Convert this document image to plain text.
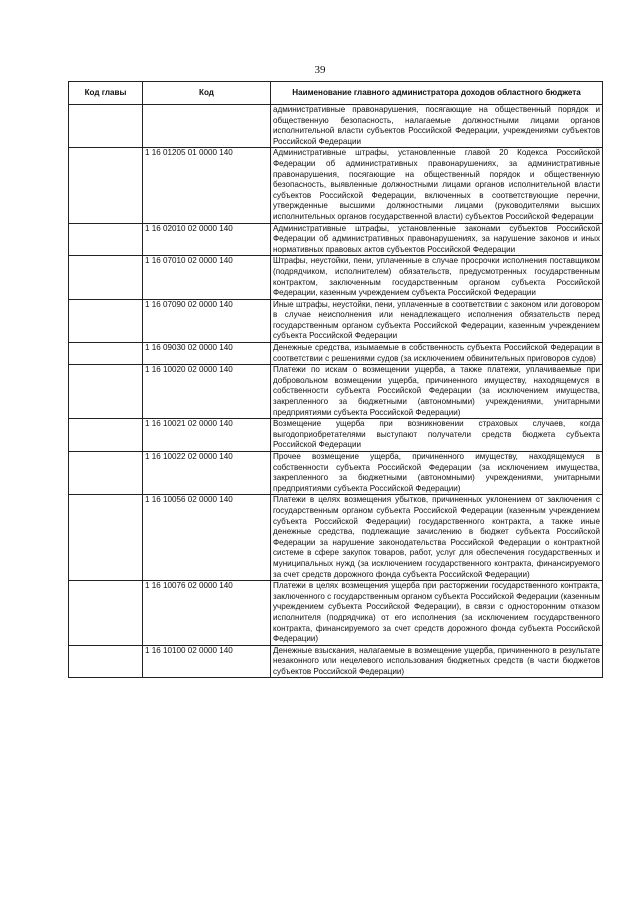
39
Код главы	Код	Наименование главного администратора доходов областного бюджета
		административные правонарушения, посягающие на общественный порядок и общественную безопасность, налагаемые должностными лицами органов исполнительной власти субъектов Российской Федерации, учреждениями субъектов Российской Федерации
	1 16 01205 01 0000 140	Административные штрафы, установленные главой 20 Кодекса Российской Федерации об административных правонарушениях, за административные правонарушения, посягающие на общественный порядок и общественную безопасность, выявленные должностными лицами органов исполнительной власти субъектов Российской Федерации, включенных в соответствующие перечни, утвержденные высшими должностными лицами (руководителями высших исполнительных органов государственной власти) субъектов Российской Федерации
	1 16 02010 02 0000 140	Административные штрафы, установленные законами субъектов Российской Федерации об административных правонарушениях, за нарушение законов и иных нормативных правовых актов субъектов Российской Федерации
	1 16 07010 02 0000 140	Штрафы, неустойки, пени, уплаченные в случае просрочки исполнения поставщиком (подрядчиком, исполнителем) обязательств, предусмотренных государственным контрактом, заключенным государственным органом субъекта Российской Федерации, казенным учреждением субъекта Российской Федерации
	1 16 07090 02 0000 140	Иные штрафы, неустойки, пени, уплаченные в соответствии с законом или договором в случае неисполнения или ненадлежащего исполнения обязательств перед государственным органом субъекта Российской Федерации, казенным учреждением субъекта Российской Федерации
	1 16 09030 02 0000 140	Денежные средства, изымаемые в собственность субъекта Российской Федерации в соответствии с решениями судов (за исключением обвинительных приговоров судов)
	1 16 10020 02 0000 140	Платежи по искам о возмещении ущерба, а также платежи, уплачиваемые при добровольном возмещении ущерба, причиненного имуществу, находящемуся в собственности субъекта Российской Федерации (за исключением имущества, закрепленного за бюджетными (автономными) учреждениями, унитарными предприятиями субъекта Российской Федерации)
	1 16 10021 02 0000 140	Возмещение ущерба при возникновении страховых случаев, когда выгодоприобретателями выступают получатели средств бюджета субъекта Российской Федерации
	1 16 10022 02 0000 140	Прочее возмещение ущерба, причиненного имуществу, находящемуся в собственности субъекта Российской Федерации (за исключением имущества, закрепленного за бюджетными (автономными) учреждениями, унитарными предприятиями субъекта Российской Федерации)
	1 16 10056 02 0000 140	Платежи в целях возмещения убытков, причиненных уклонением от заключения с государственным органом субъекта Российской Федерации (казенным учреждением субъекта Российской Федерации) государственного контракта, а также иные денежные средства, подлежащие зачислению в бюджет субъекта Российской Федерации за нарушение законодательства Российской Федерации о контрактной системе в сфере закупок товаров, работ, услуг для обеспечения государственных и муниципальных нужд (за исключением государственного контракта, финансируемого за счет средств дорожного фонда субъекта Российской Федерации)
	1 16 10076 02 0000 140	Платежи в целях возмещения ущерба при расторжении государственного контракта, заключенного с государственным органом субъекта Российской Федерации (казенным учреждением субъекта Российской Федерации), в связи с односторонним отказом исполнителя (подрядчика) от его исполнения (за исключением государственного контракта, финансируемого за счет средств дорожного фонда субъекта Российской Федерации)
	1 16 10100 02 0000 140	Денежные взыскания, налагаемые в возмещение ущерба, причиненного в результате незаконного или нецелевого использования бюджетных средств (в части бюджетов субъектов Российской Федерации)
